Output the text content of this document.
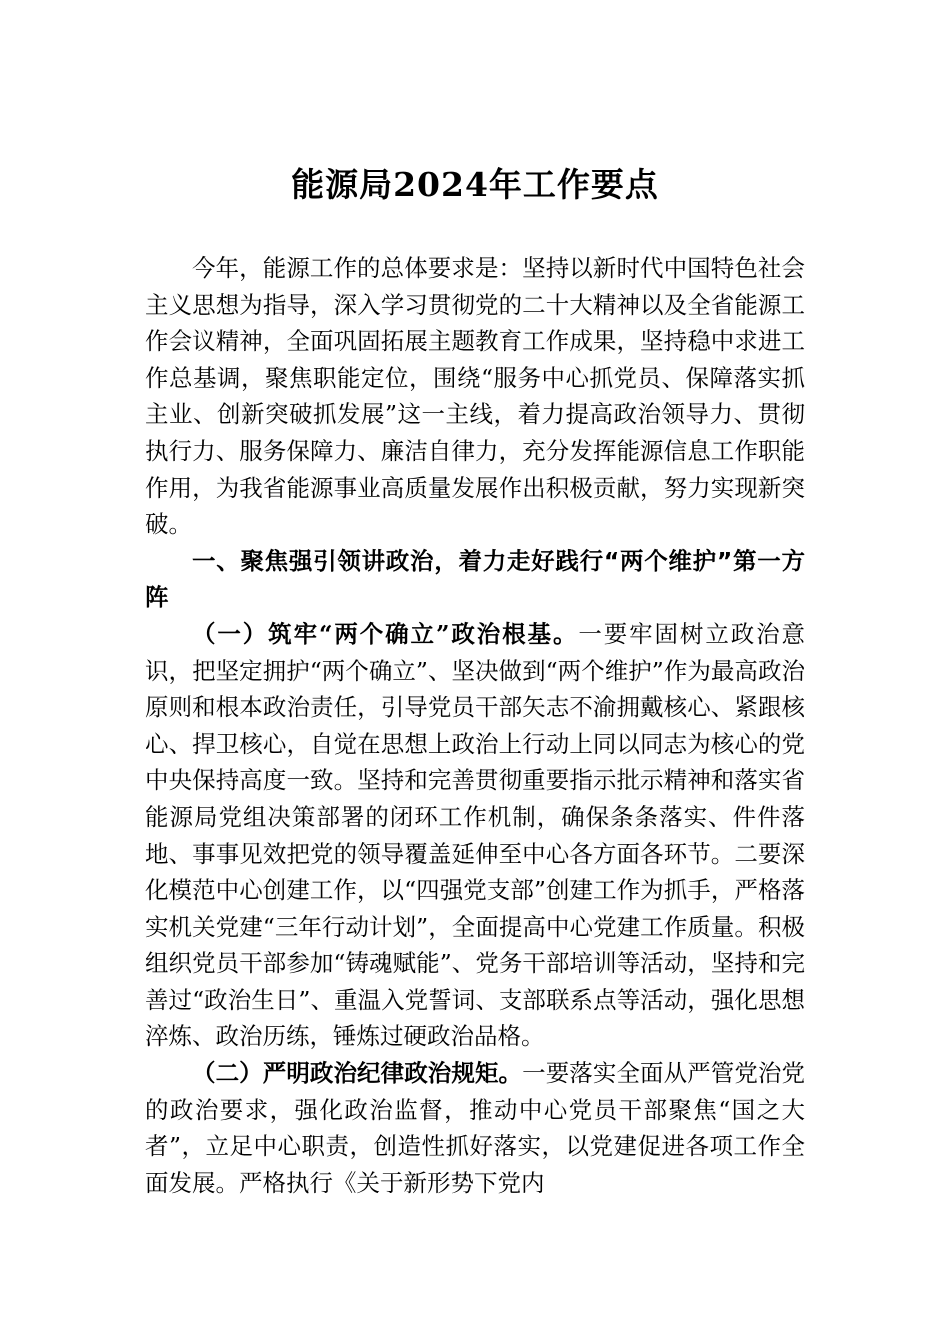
能源局2024年工作要点

今年，能源工作的总体要求是：坚持以新时代中国特色社会主义思想为指导，深入学习贯彻党的二十大精神以及全省能源工作会议精神，全面巩固拓展主题教育工作成果，坚持稳中求进工作总基调，聚焦职能定位，围绕“服务中心抓党员、保障落实抓主业、创新突破抓发展”这一主线，着力提高政治领导力、贯彻执行力、服务保障力、廉洁自律力，充分发挥能源信息工作职能作用，为我省能源事业高质量发展作出积极贡献，努力实现新突破。

一、聚焦强引领讲政治，着力走好践行“两个维护”第一方阵

（一）筑牢“两个确立”政治根基。一要牢固树立政治意识，把坚定拥护“两个确立”、坚决做到“两个维护”作为最高政治原则和根本政治责任，引导党员干部矢志不渝拥戴核心、紧跟核心、捍卫核心，自觉在思想上政治上行动上同以同志为核心的党中央保持高度一致。坚持和完善贯彻重要指示批示精神和落实省能源局党组决策部署的闭环工作机制，确保条条落实、件件落地、事事见效把党的领导覆盖延伸至中心各方面各环节。二要深化模范中心创建工作，以“四强党支部”创建工作为抓手，严格落实机关党建“三年行动计划”，全面提高中心党建工作质量。积极组织党员干部参加“铸魂赋能”、党务干部培训等活动，坚持和完善过“政治生日”、重温入党誓词、支部联系点等活动，强化思想淬炼、政治历练，锤炼过硬政治品格。

（二）严明政治纪律政治规矩。一要落实全面从严管党治党的政治要求，强化政治监督，推动中心党员干部聚焦“国之大者”，立足中心职责，创造性抓好落实，以党建促进各项工作全面发展。严格执行《关于新形势下党内
